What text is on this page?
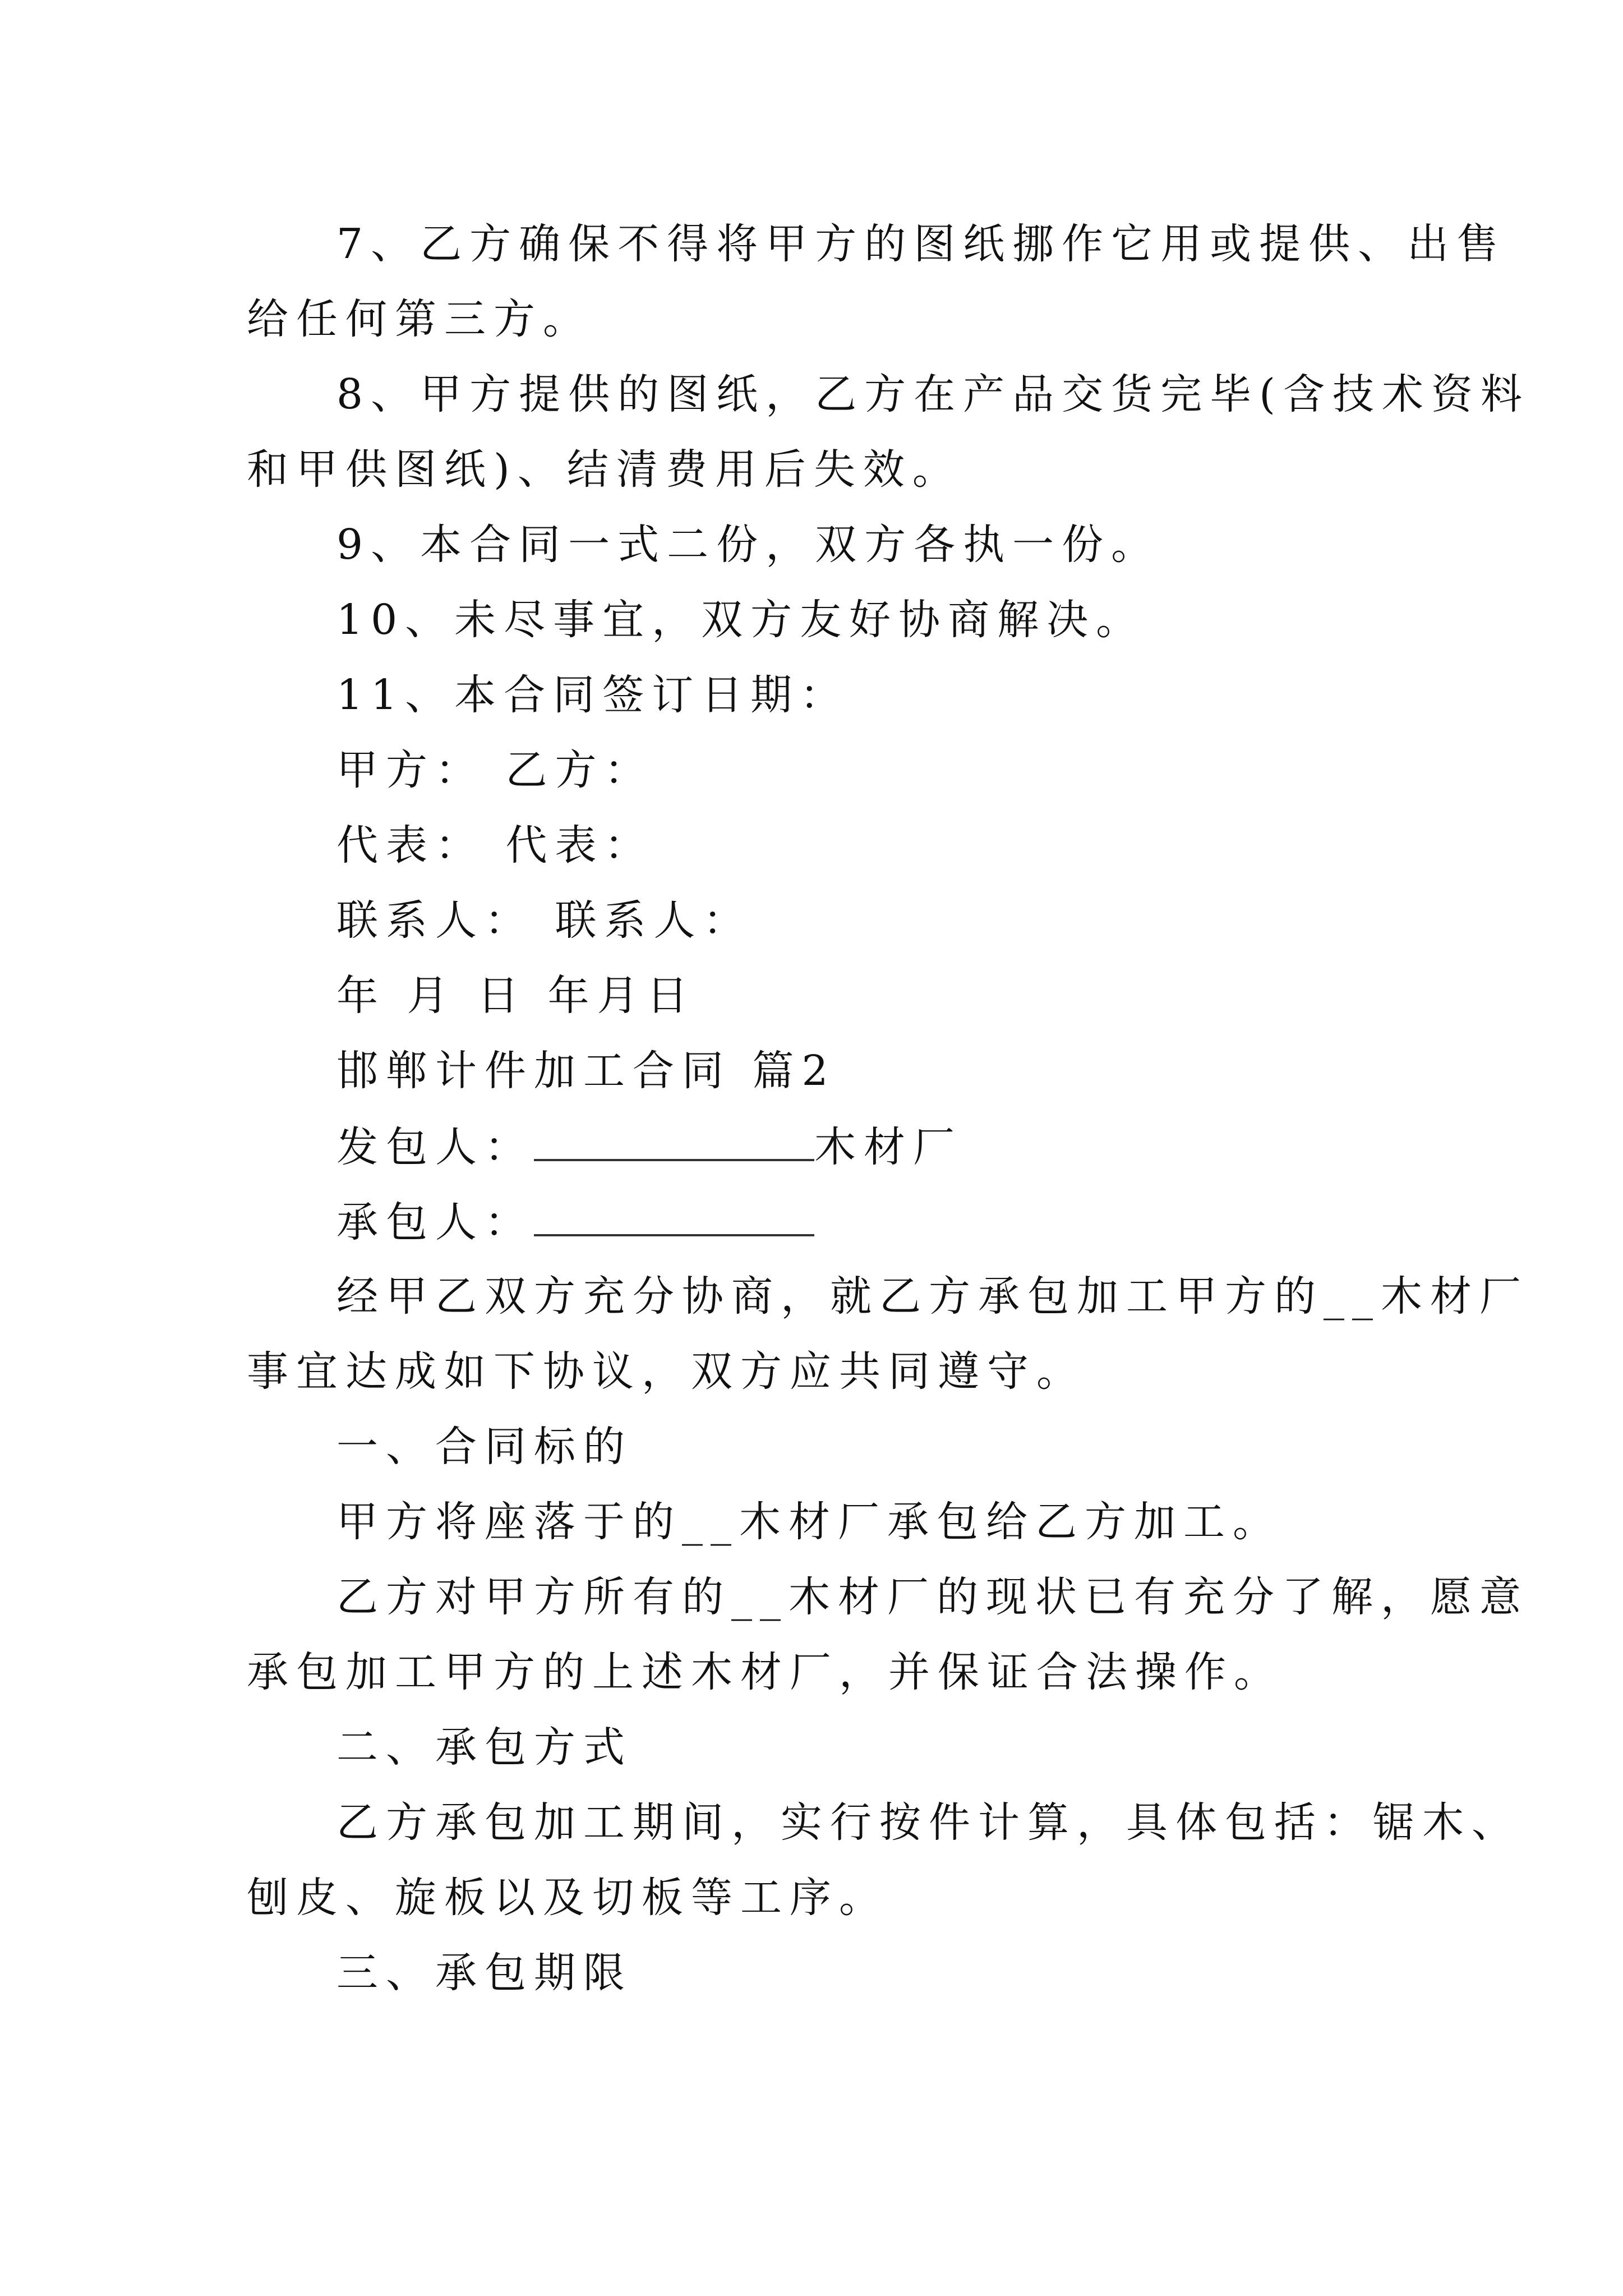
7、乙方确保不得将甲方的图纸挪作它用或提供、出售
给任何第三方。
8、甲方提供的图纸，乙方在产品交货完毕(含技术资料
和甲供图纸)、结清费用后失效。
9、本合同一式二份，双方各执一份。
10、未尽事宜，双方友好协商解决。
11、本合同签订日期：
甲方： 乙方：
代表： 代表：
联系人： 联系人：
年 月 日 年月日
邯郸计件加工合同 篇2
发包人：	木材厂
承包人：
经甲乙双方充分协商，就乙方承包加工甲方的__木材厂
事宜达成如下协议，双方应共同遵守。
一、合同标的
甲方将座落于的__木材厂承包给乙方加工。
乙方对甲方所有的__木材厂的现状已有充分了解，愿意
承包加工甲方的上述木材厂，并保证合法操作。
二、承包方式
乙方承包加工期间，实行按件计算，具体包括：锯木、
刨皮、旋板以及切板等工序。
三、承包期限
